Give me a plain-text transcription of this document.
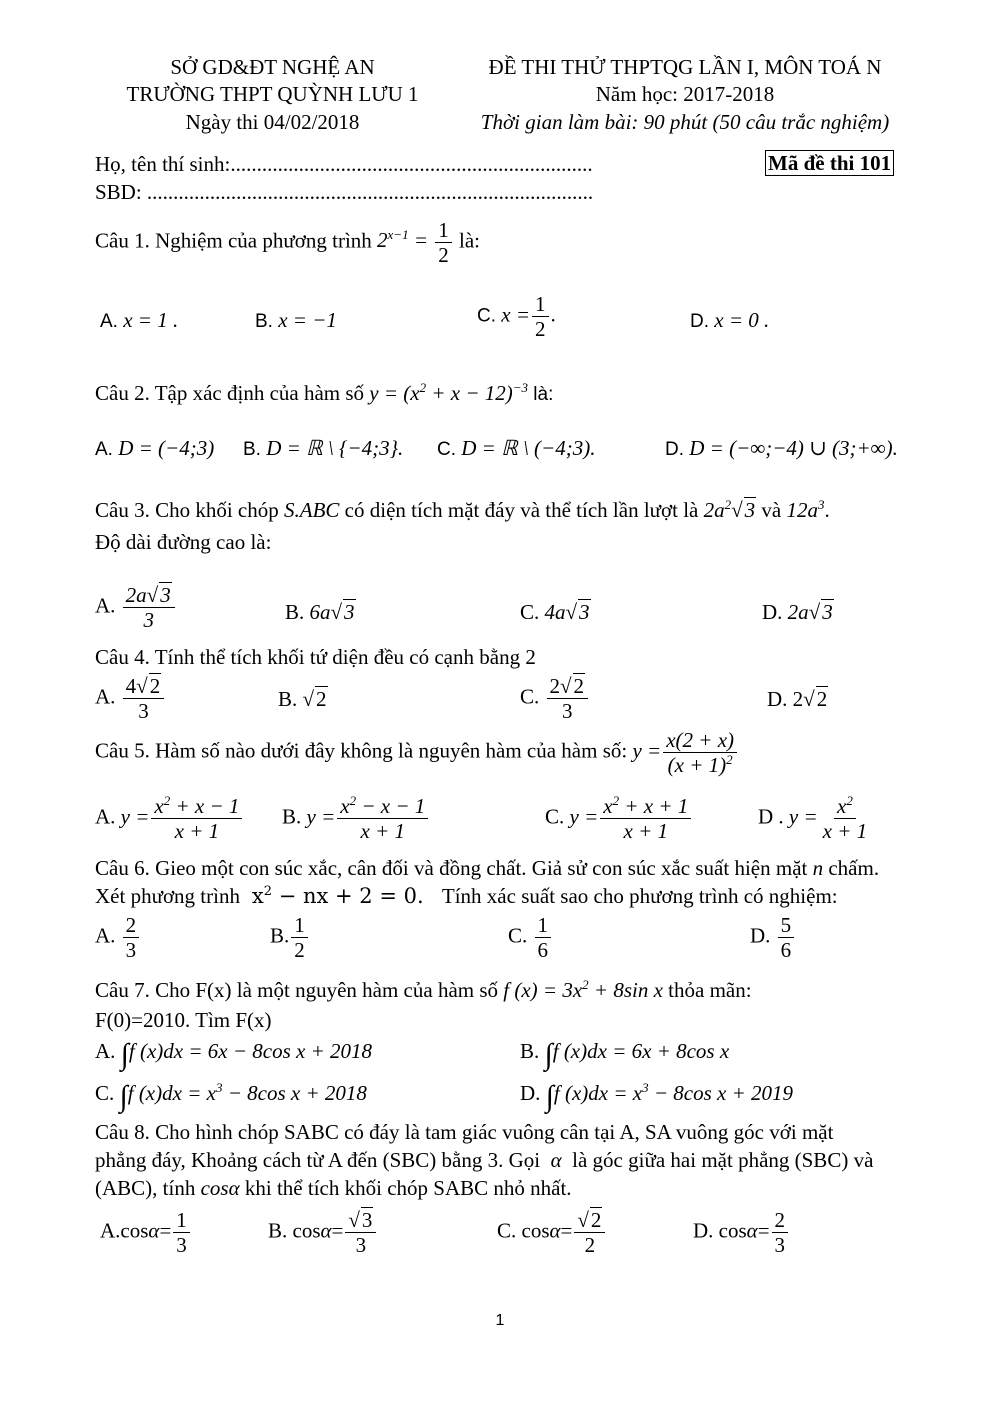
SỞ GD&ĐT NGHỆ AN
TRƯỜNG THPT QUỲNH LƯU 1
Ngày thi 04/02/2018
ĐỀ THI THỬ THPTQG LẦN I, MÔN TOÁ N
Năm học: 2017-2018
Thời gian làm bài: 90 phút (50 câu trắc nghiệm)
Họ, tên thí sinh:.....................................................................
SBD: .....................................................................................
Mã đề thi 101
Câu 1. Nghiệm của phương trình $2^{x-1} = \frac{1}{2}$ là:
A. x = 1 .	B. x = −1	C. $x = \frac{1}{2}$ .	D. x = 0 .
Câu 2. Tập xác định của hàm số $y = (x^2 + x - 12)^{-3}$ là:
A. D = (−4;3) B. D = ℝ \ {−4;3}. C. D = ℝ \ (−4;3).	D. D = (−∞;−4) ∪ (3;+∞).
Câu 3. Cho khối chóp S.ABC có diện tích mặt đáy và thể tích lần lượt là $2a^2√3$ và $12a^3$.
Độ dài đường cao là:
A. $\frac{2a√3}{3}$	B. 6a√3	C. 4a√3	D. 2a√3
Câu 4. Tính thể tích khối tứ diện đều có cạnh bằng 2
A. $\frac{4√2}{3}$	B. √2	C. $\frac{2√2}{3}$	D. 2√2
Câu 5. Hàm số nào dưới đây không là nguyên hàm của hàm số: $y = \frac{x(2 + x)}{(x + 1)^2}$
A. $y = \frac{x^2 + x - 1}{x + 1} B$. $y = \frac{x^2 - x - 1}{x + 1}$	C. $y = \frac{x^2 + x + 1}{x + 1}$	D . $y = \frac{x^2}{x + 1}$
Câu 6. Gieo một con súc xắc, cân đối và đồng chất. Giả sử con súc xắc suất hiện mặt n chấm.
Xét phương trình  $x^2$ − nx + 2 = 0.   Tính xác suất sao cho phương trình có nghiệm:
A. $\frac{2}{3}$	B. $\frac{1}{2}$	C. $\frac{1}{6}$	D. $\frac{5}{6}$
Câu 7. Cho F(x) là một nguyên hàm của hàm số f $(x) = 3x^2 + 8\sin$ x thỏa mãn:
F(0)=2010. Tìm F(x)
A. ∫f (x)dx = 6x − 8cos x + 2018	B. ∫f (x)dx = 6x + 8cos x
C. ∫f $(x)dx = x^3 - 8\cos$ x + 2018	D. ∫f $(x)dx = x^3 - 8\cos$ x + 2019
Câu 8. Cho hình chóp SABC có đáy là tam giác vuông cân tại A, SA vuông góc với mặt
phẳng đáy, Khoảng cách từ A đến (SBC) bằng 3. Gọi α là góc giữa hai mặt phẳng (SBC) và
(ABC), tính cosα khi thể tích khối chóp SABC nhỏ nhất.
$A.\cos\alpha= \frac{1}{3}$	B. $\cos\alpha= \frac{√3}{3}$	C. $\cos\alpha= \frac{√2}{2}$	D. $\cos\alpha= \frac{2}{3}$
1
